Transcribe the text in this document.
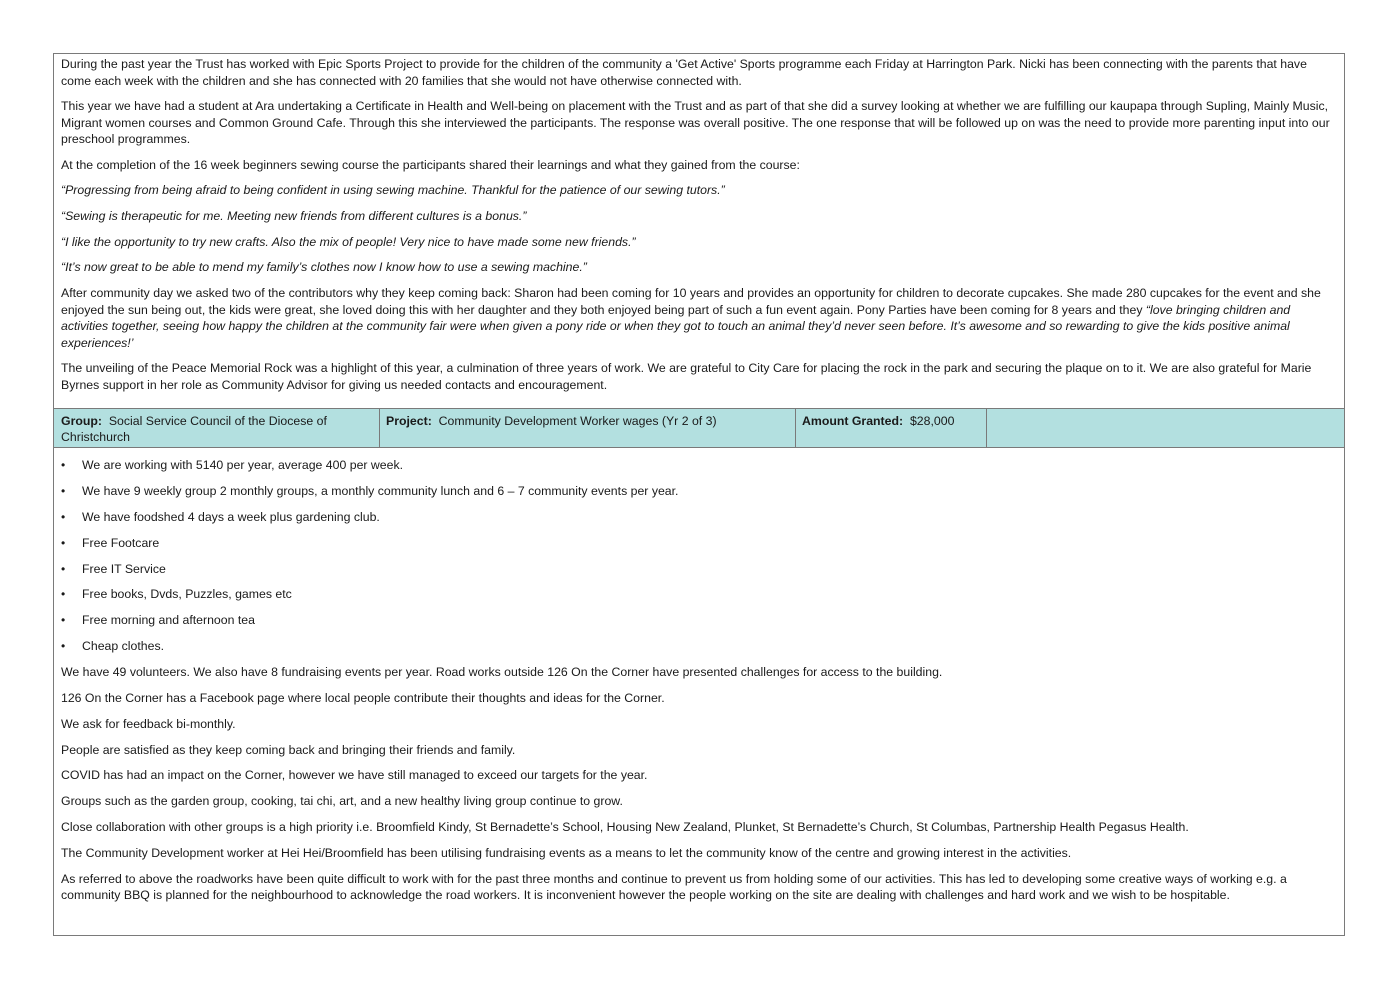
During the past year the Trust has worked with Epic Sports Project to provide for the children of the community a 'Get Active' Sports programme each Friday at Harrington Park. Nicki has been connecting with the parents that have come each week with the children and she has connected with 20 families that she would not have otherwise connected with.

This year we have had a student at Ara undertaking a Certificate in Health and Well-being on placement with the Trust and as part of that she did a survey looking at whether we are fulfilling our kaupapa through Supling, Mainly Music, Migrant women courses and Common Ground Cafe. Through this she interviewed the participants. The response was overall positive. The one response that will be followed up on was the need to provide more parenting input into our preschool programmes.

At the completion of the 16 week beginners sewing course the participants shared their learnings and what they gained from the course:

“Progressing from being afraid to being confident in using sewing machine. Thankful for the patience of our sewing tutors.”

“Sewing is therapeutic for me. Meeting new friends from different cultures is a bonus.”

“I like the opportunity to try new crafts. Also the mix of people! Very nice to have made some new friends.”

“It’s now great to be able to mend my family’s clothes now I know how to use a sewing machine.”

After community day we asked two of the contributors why they keep coming back: Sharon had been coming for 10 years and provides an opportunity for children to decorate cupcakes. She made 280 cupcakes for the event and she enjoyed the sun being out, the kids were great, she loved doing this with her daughter and they both enjoyed being part of such a fun event again. Pony Parties have been coming for 8 years and they “love bringing children and activities together, seeing how happy the children at the community fair were when given a pony ride or when they got to touch an animal they’d never seen before. It’s awesome and so rewarding to give the kids positive animal experiences!’

The unveiling of the Peace Memorial Rock was a highlight of this year, a culmination of three years of work. We are grateful to City Care for placing the rock in the park and securing the plaque on to it. We are also grateful for Marie Byrnes support in her role as Community Advisor for giving us needed contacts and encouragement.

Group: Social Service Council of the Diocese of Christchurch
Project: Community Development Worker wages (Yr 2 of 3)	Amount Granted: $28,000
• We are working with 5140 per year, average 400 per week.
• We have 9 weekly group 2 monthly groups, a monthly community lunch and 6 – 7 community events per year.
• We have foodshed 4 days a week plus gardening club.
• Free Footcare
• Free IT Service
• Free books, Dvds, Puzzles, games etc
• Free morning and afternoon tea
• Cheap clothes.

We have 49 volunteers. We also have 8 fundraising events per year. Road works outside 126 On the Corner have presented challenges for access to the building.

126 On the Corner has a Facebook page where local people contribute their thoughts and ideas for the Corner.

We ask for feedback bi-monthly.

People are satisfied as they keep coming back and bringing their friends and family.

COVID has had an impact on the Corner, however we have still managed to exceed our targets for the year.

Groups such as the garden group, cooking, tai chi, art, and a new healthy living group continue to grow.

Close collaboration with other groups is a high priority i.e. Broomfield Kindy, St Bernadette’s School, Housing New Zealand, Plunket, St Bernadette’s Church, St Columbas, Partnership Health Pegasus Health.

The Community Development worker at Hei Hei/Broomfield has been utilising fundraising events as a means to let the community know of the centre and growing interest in the activities.

As referred to above the roadworks have been quite difficult to work with for the past three months and continue to prevent us from holding some of our activities. This has led to developing some creative ways of working e.g. a community BBQ is planned for the neighbourhood to acknowledge the road workers. It is inconvenient however the people working on the site are dealing with challenges and hard work and we wish to be hospitable.
